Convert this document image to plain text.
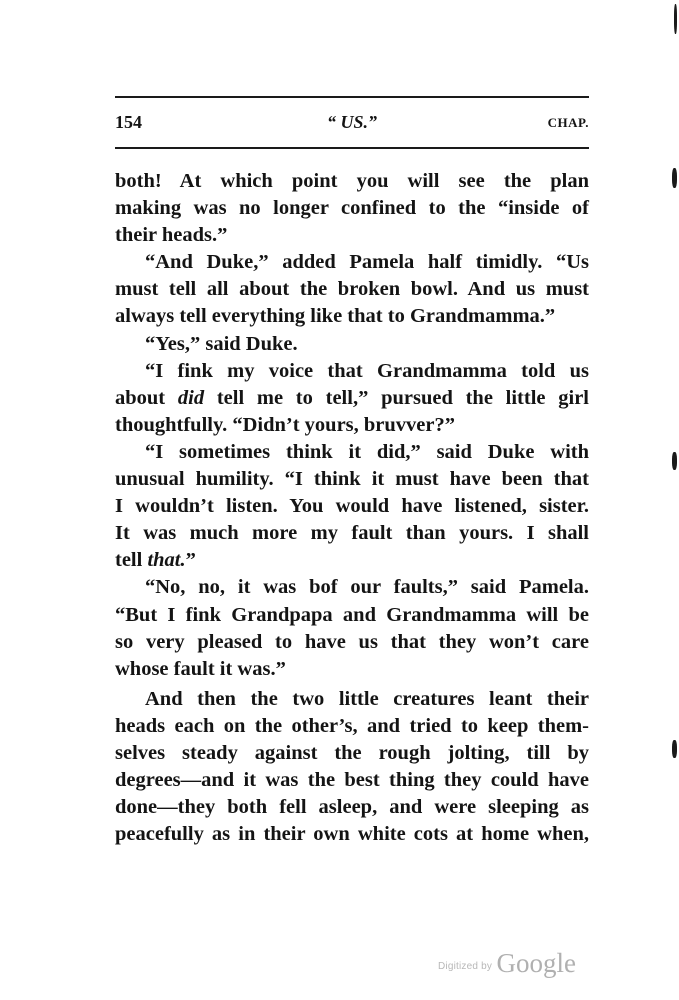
154	“ US.”	CHAP.
both! At which point you will see the plan
making was no longer confined to the “inside of
their heads.”
“And Duke,” added Pamela half timidly. “Us
must tell all about the broken bowl. And us must
always tell everything like that to Grandmamma.”
“Yes,” said Duke.
“I fink my voice that Grandmamma told us
about did tell me to tell,” pursued the little girl
thoughtfully. “Didn’t yours, bruvver?”
“I sometimes think it did,” said Duke with
unusual humility. “I think it must have been that
I wouldn’t listen. You would have listened, sister.
It was much more my fault than yours. I shall
tell that.”
“No, no, it was bof our faults,” said Pamela.
“But I fink Grandpapa and Grandmamma will be
so very pleased to have us that they won’t care
whose fault it was.”
And then the two little creatures leant their
heads each on the other’s, and tried to keep them-
selves steady against the rough jolting, till by
degrees—and it was the best thing they could have
done—they both fell asleep, and were sleeping as
peacefully as in their own white cots at home when,
Digitized by Google
